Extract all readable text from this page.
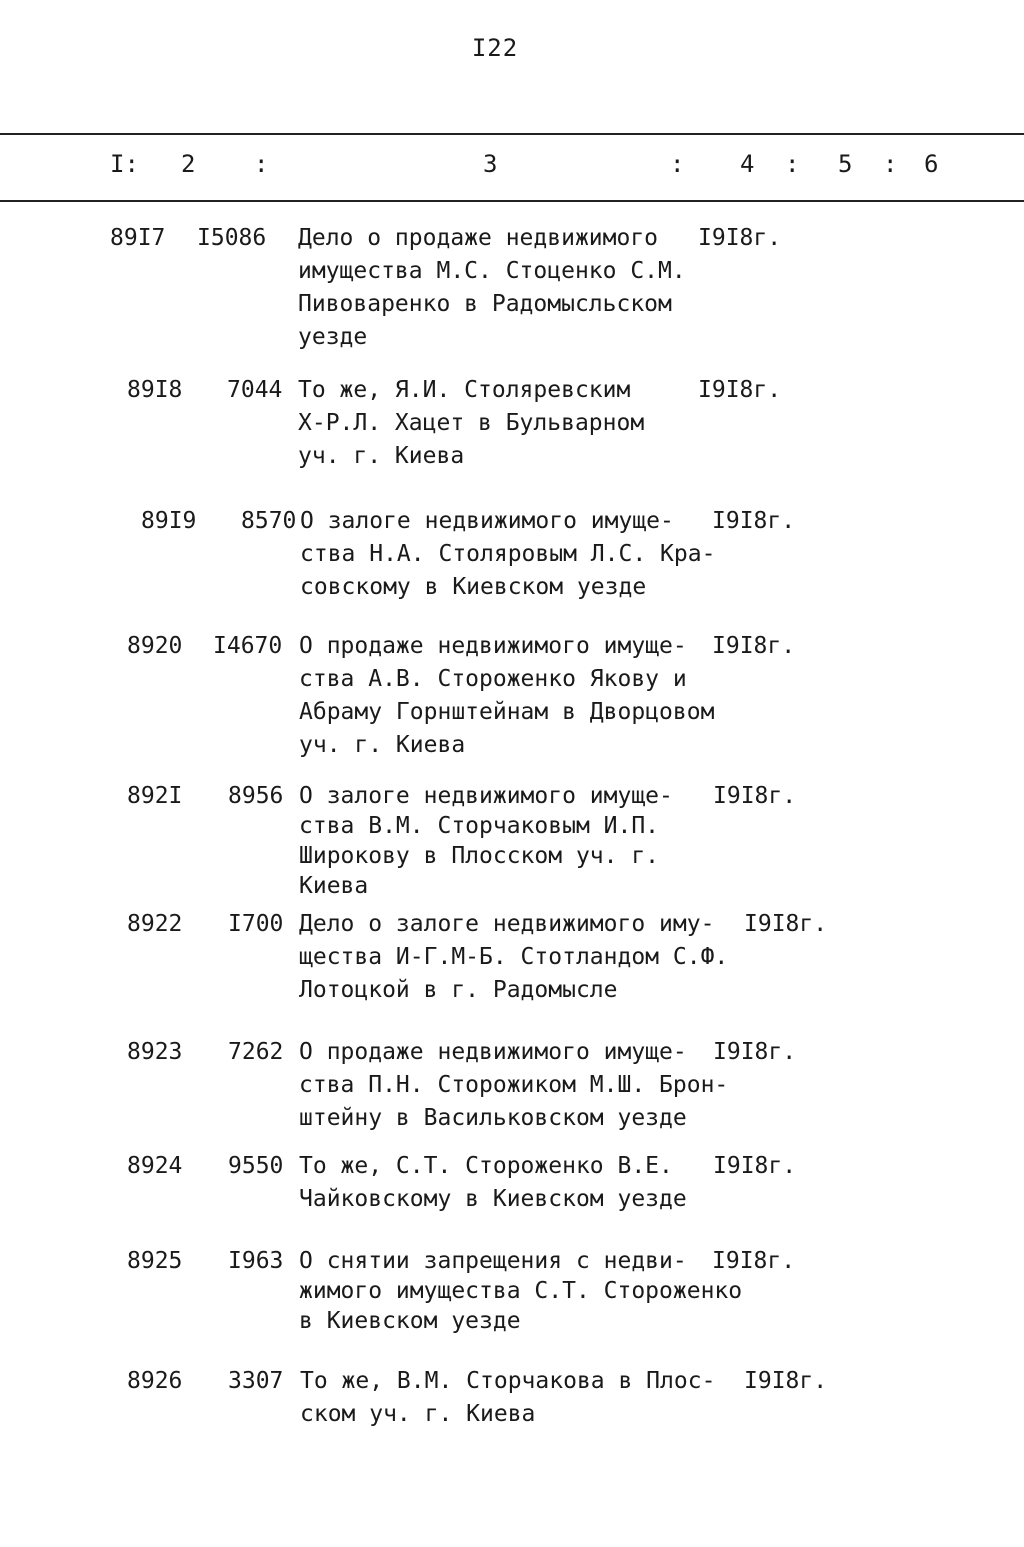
I22
I: 2 :	3	: 4 : 5 : 6
89I7 I5086 Дело о продаже недвижимого
имущества М.С. Стоценко С.М.
Пивоваренко в Радомысльском
уезде
I9I8г.
89I8 7044 То же, Я.И. Столяревским
Х-Р.Л. Хацет в Бульварном
уч. г. Киева
I9I8г.
89I9 8570 О залоге недвижимого имуще-
ства Н.А. Столяровым Л.С. Кра-
совскому в Киевском уезде
I9I8г.
8920 I4670 О продаже недвижимого имуще-
ства А.В. Стороженко Якову и
Абраму Горнштейнам в Дворцовом
уч. г. Киева
I9I8г.
892I 8956 О залоге недвижимого имуще-
ства В.М. Сторчаковым И.П.
Широкову в Плосском уч. г.
Киева
I9I8г.
8922 I700 Дело о залоге недвижимого иму-
щества И-Г.М-Б. Стотландом С.Ф.
Лотоцкой в г. Радомысле
I9I8г.
8923 7262 О продаже недвижимого имуще-
ства П.Н. Сторожиком М.Ш. Брон-
штейну в Васильковском уезде
I9I8г.
8924 9550 То же, С.Т. Стороженко В.Е.
Чайковскому в Киевском уезде
I9I8г.
8925 I963 О снятии запрещения с недви-
жимого имущества С.Т. Стороженко
в Киевском уезде
I9I8г.
8926 3307 То же, В.М. Сторчакова в Плос-
ском уч. г. Киева
I9I8г.
